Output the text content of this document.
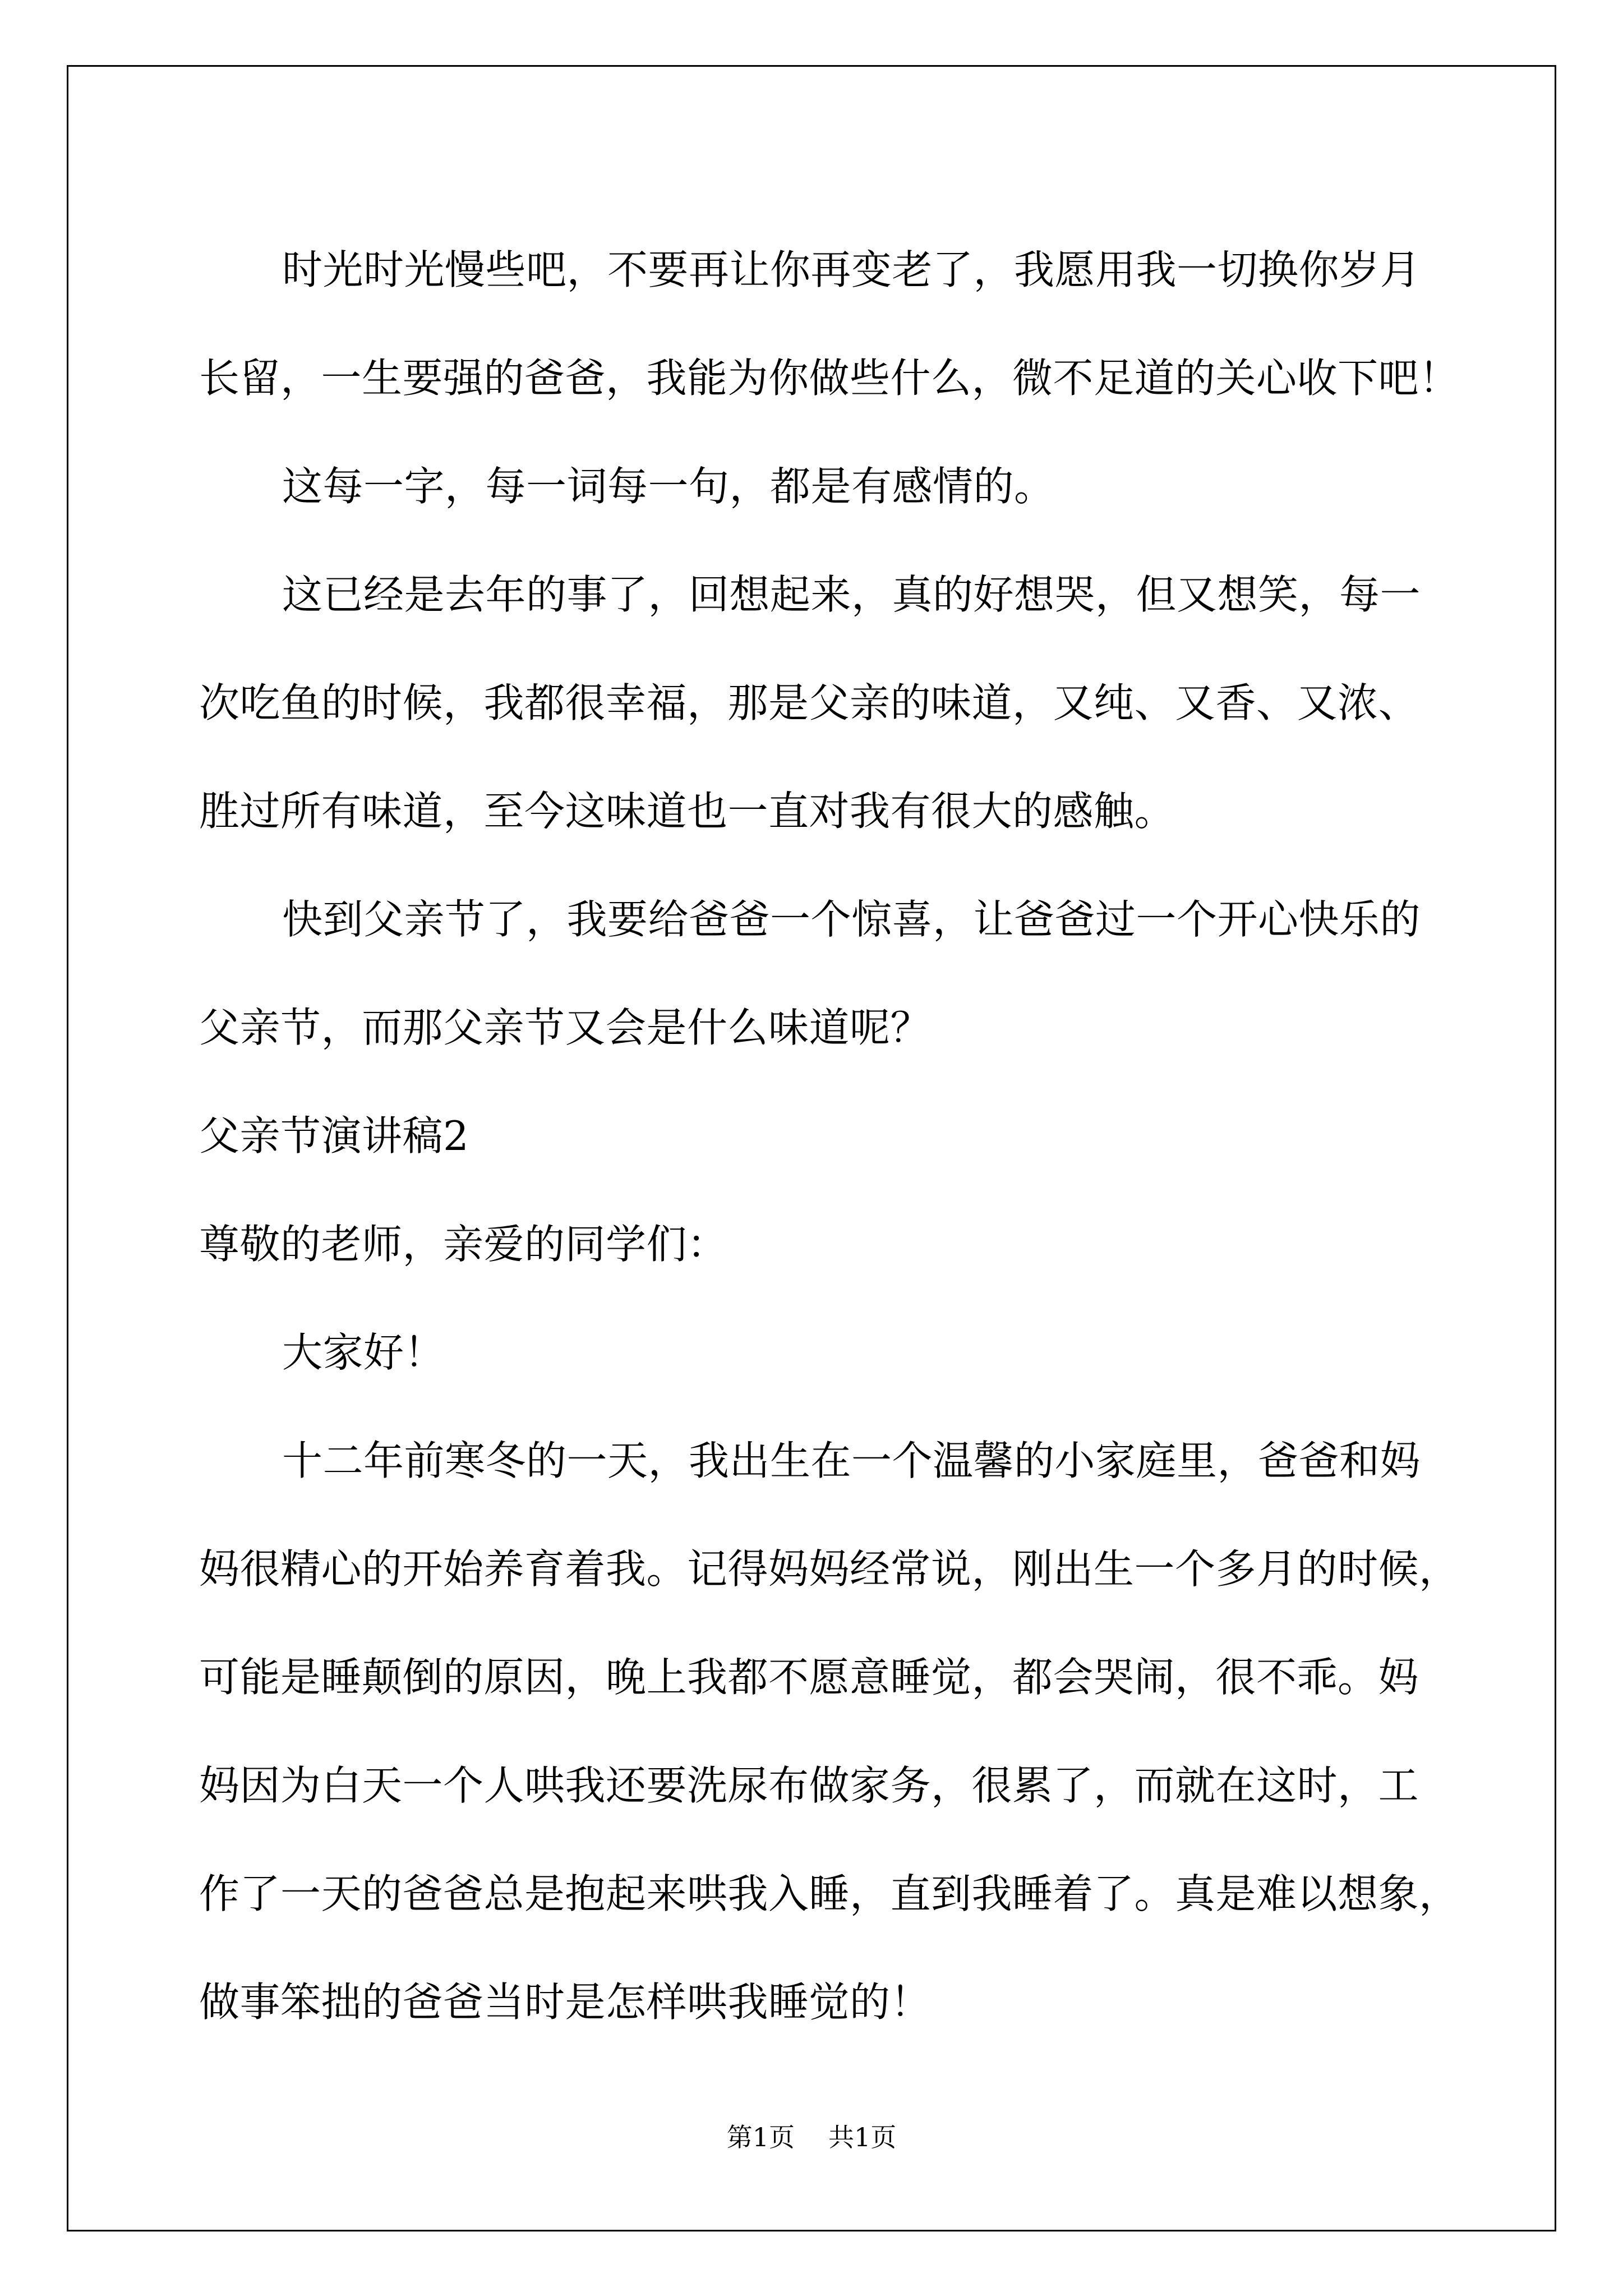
时光时光慢些吧，不要再让你再变老了，我愿用我一切换你岁月
长留，一生要强的爸爸，我能为你做些什么，微不足道的关心收下吧！
这每一字，每一词每一句，都是有感情的。
这已经是去年的事了，回想起来，真的好想哭，但又想笑，每一
次吃鱼的时候，我都很幸福，那是父亲的味道，又纯、又香、又浓、
胜过所有味道，至今这味道也一直对我有很大的感触。
快到父亲节了，我要给爸爸一个惊喜，让爸爸过一个开心快乐的
父亲节，而那父亲节又会是什么味道呢？
父亲节演讲稿2
尊敬的老师，亲爱的同学们：
大家好！
十二年前寒冬的一天，我出生在一个温馨的小家庭里，爸爸和妈
妈很精心的开始养育着我。记得妈妈经常说，刚出生一个多月的时候，
可能是睡颠倒的原因，晚上我都不愿意睡觉，都会哭闹，很不乖。妈
妈因为白天一个人哄我还要洗尿布做家务，很累了，而就在这时，工
作了一天的爸爸总是抱起来哄我入睡，直到我睡着了。真是难以想象，
做事笨拙的爸爸当时是怎样哄我睡觉的！
第1页 共1页
